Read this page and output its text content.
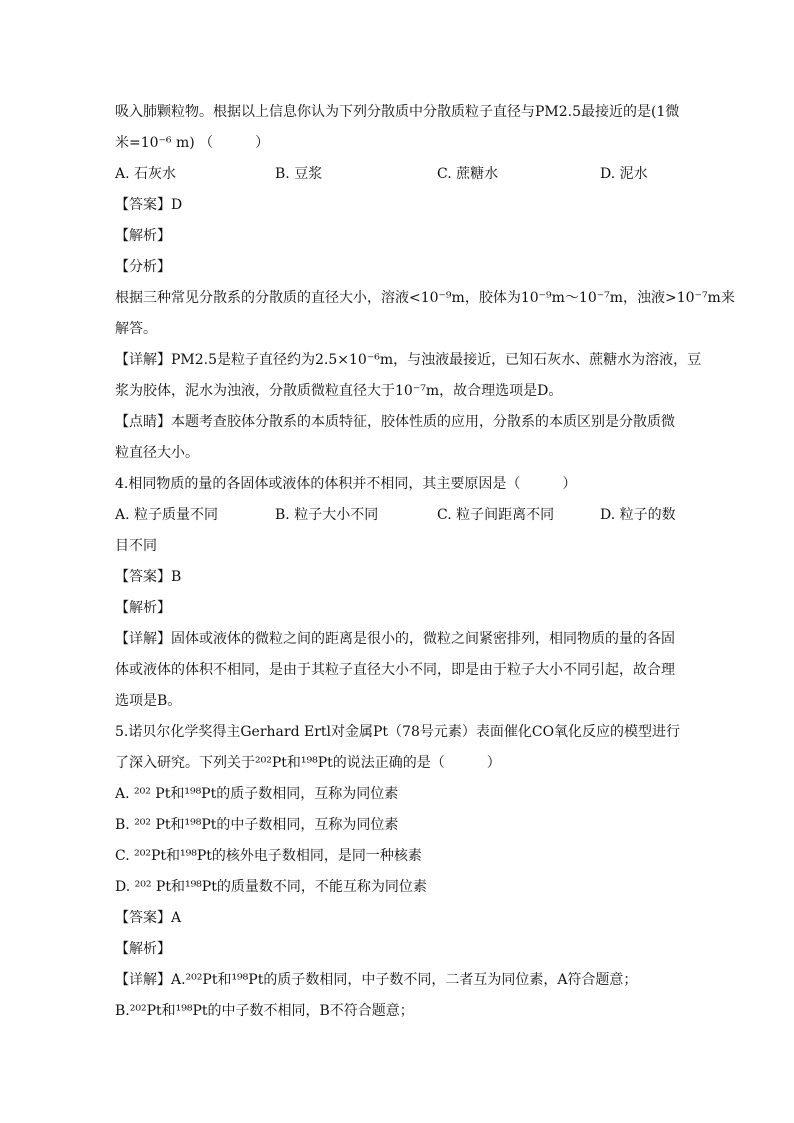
吸入肺颗粒物。根据以上信息你认为下列分散质中分散质粒子直径与PM2.5最接近的是(1微
米=10⁻⁶ m) （　　　）
A. 石灰水	B. 豆浆	C. 蔗糖水	D. 泥水
【答案】D
【解析】
【分析】
根据三种常见分散系的分散质的直径大小，溶液<10⁻⁹m，胶体为10⁻⁹m～10⁻⁷m，浊液>10⁻⁷m来
解答。
【详解】PM2.5是粒子直径约为2.5×10⁻⁶m，与浊液最接近，已知石灰水、蔗糖水为溶液，豆
浆为胶体，泥水为浊液，分散质微粒直径大于10⁻⁷m，故合理选项是D。
【点睛】本题考查胶体分散系的本质特征，胶体性质的应用，分散系的本质区别是分散质微
粒直径大小。
4.相同物质的量的各固体或液体的体积并不相同，其主要原因是（　　　）
A. 粒子质量不同	B. 粒子大小不同	C. 粒子间距离不同	D. 粒子的数
目不同
【答案】B
【解析】
【详解】固体或液体的微粒之间的距离是很小的，微粒之间紧密排列，相同物质的量的各固
体或液体的体积不相同，是由于其粒子直径大小不同，即是由于粒子大小不同引起，故合理
选项是B。
5.诺贝尔化学奖得主Gerhard Ertl对金属Pt（78号元素）表面催化CO氧化反应的模型进行
了深入研究。下列关于²⁰²Pt和¹⁹⁸Pt的说法正确的是（　　　）
A. ²⁰² Pt和¹⁹⁸Pt的质子数相同，互称为同位素
B. ²⁰² Pt和¹⁹⁸Pt的中子数相同，互称为同位素
C. ²⁰²Pt和¹⁹⁸Pt的核外电子数相同，是同一种核素
D. ²⁰² Pt和¹⁹⁸Pt的质量数不同，不能互称为同位素
【答案】A
【解析】
【详解】A.²⁰²Pt和¹⁹⁸Pt的质子数相同，中子数不同，二者互为同位素，A符合题意；
B.²⁰²Pt和¹⁹⁸Pt的中子数不相同，B不符合题意；
